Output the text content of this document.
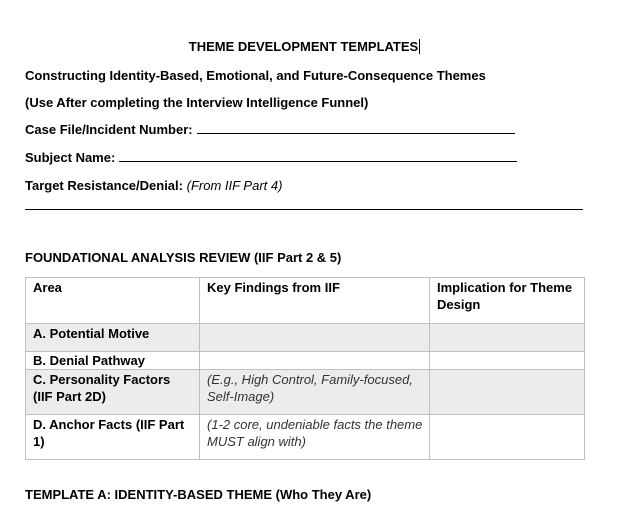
THEME DEVELOPMENT TEMPLATES
Constructing Identity-Based, Emotional, and Future-Consequence Themes
(Use After completing the Interview Intelligence Funnel)
Case File/Incident Number:
Subject Name:
Target Resistance/Denial: (From IIF Part 4)
FOUNDATIONAL ANALYSIS REVIEW (IIF Part 2 & 5)
Area	Key Findings from IIF	Implication for Theme Design
A. Potential Motive		
B. Denial Pathway		
C. Personality Factors (IIF Part 2D)	(E.g., High Control, Family-focused, Self-Image)	
D. Anchor Facts (IIF Part 1)	(1-2 core, undeniable facts the theme MUST align with)	
TEMPLATE A: IDENTITY-BASED THEME (Who They Are)
